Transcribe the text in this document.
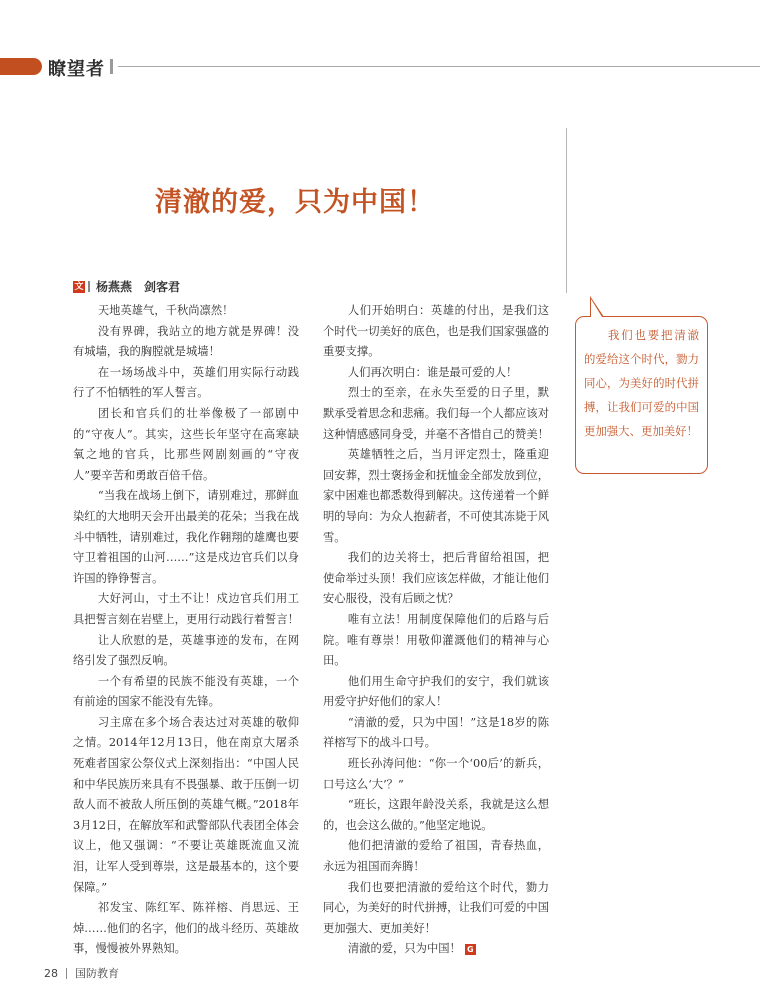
瞭望者
清澈的爱，只为中国！
文 杨燕燕　剑客君

天地英雄气，千秋尚凛然！

没有界碑，我站立的地方就是界碑！没有城墙，我的胸膛就是城墙！

在一场场战斗中，英雄们用实际行动践行了不怕牺牲的军人誓言。

团长和官兵们的壮举像极了一部剧中的“守夜人”。其实，这些长年坚守在高寒缺氧之地的官兵，比那些网剧刻画的“守夜人”要辛苦和勇敢百倍千倍。

“当我在战场上倒下，请别难过，那鲜血染红的大地明天会开出最美的花朵；当我在战斗中牺牲，请别难过，我化作翱翔的雄鹰也要守卫着祖国的山河……”这是戍边官兵们以身许国的铮铮誓言。

大好河山，寸土不让！戍边官兵们用工具把誓言刻在岩壁上，更用行动践行着誓言！

让人欣慰的是，英雄事迹的发布，在网络引发了强烈反响。

一个有希望的民族不能没有英雄，一个有前途的国家不能没有先锋。

习主席在多个场合表达过对英雄的敬仰之情。2014年12月13日，他在南京大屠杀死难者国家公祭仪式上深刻指出：“中国人民和中华民族历来具有不畏强暴、敢于压倒一切敌人而不被敌人所压倒的英雄气概。”2018年3月12日，在解放军和武警部队代表团全体会议上，他又强调：“不要让英雄既流血又流泪，让军人受到尊崇，这是最基本的，这个要保障。”

祁发宝、陈红军、陈祥榕、肖思远、王焯……他们的名字，他们的战斗经历、英雄故事，慢慢被外界熟知。

人们开始明白：英雄的付出，是我们这个时代一切美好的底色，也是我们国家强盛的重要支撑。

人们再次明白：谁是最可爱的人！

烈士的至亲，在永失至爱的日子里，默默承受着思念和悲痛。我们每一个人都应该对这种情感感同身受，并毫不吝惜自己的赞美！

英雄牺牲之后，当月评定烈士，隆重迎回安葬，烈士褒扬金和抚恤金全部发放到位，家中困难也都悉数得到解决。这传递着一个鲜明的导向：为众人抱薪者，不可使其冻毙于风雪。

我们的边关将士，把后背留给祖国，把使命举过头顶！我们应该怎样做，才能让他们安心服役，没有后顾之忧？

唯有立法！用制度保障他们的后路与后院。唯有尊崇！用敬仰灌溉他们的精神与心田。

他们用生命守护我们的安宁，我们就该用爱守护好他们的家人！

“清澈的爱，只为中国！”这是18岁的陈祥榕写下的战斗口号。

班长孙涛问他：“你一个‘00后’的新兵，口号这么‘大’？”

“班长，这跟年龄没关系，我就是这么想的，也会这么做的。”他坚定地说。

他们把清澈的爱给了祖国，青春热血，永远为祖国而奔腾！

我们也要把清澈的爱给这个时代，勠力同心，为美好的时代拼搏，让我们可爱的中国更加强大、更加美好！

清澈的爱，只为中国！ G

我们也要把清澈的爱给这个时代，勠力同心，为美好的时代拼搏，让我们可爱的中国更加强大、更加美好！

28 国防教育
